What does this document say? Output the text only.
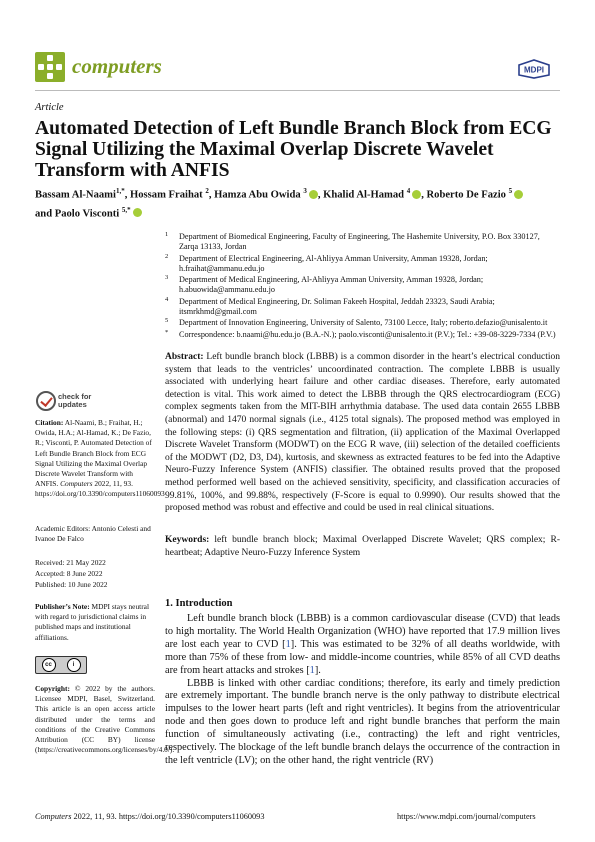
computers	MDPI
Article
Automated Detection of Left Bundle Branch Block from ECG Signal Utilizing the Maximal Overlap Discrete Wavelet Transform with ANFIS
Bassam Al-Naami$^{1,*}$, Hossam Fraihat $^2$, Hamza Abu Owida $^3$ , Khalid Al-Hamad $^4$ , Roberto De Fazio $^5$
and Paolo Visconti $^{5,*}$
1 Department of Biomedical Engineering, Faculty of Engineering, The Hashemite University, P.O. Box 330127, Zarqa 13133, Jordan
2 Department of Electrical Engineering, Al-Ahliyya Amman University, Amman 19328, Jordan; h.fraihat@ammanu.edu.jo
3 Department of Medical Engineering, Al-Ahliyya Amman University, Amman 19328, Jordan; h.abuowida@ammanu.edu.jo
4 Department of Medical Engineering, Dr. Soliman Fakeeh Hospital, Jeddah 23323, Saudi Arabia; itsmrkhmd@gmail.com
5 Department of Innovation Engineering, University of Salento, 73100 Lecce, Italy; roberto.defazio@unisalento.it
* Correspondence: b.naami@hu.edu.jo (B.A.-N.); paolo.visconti@unisalento.it (P.V.); Tel.: +39-08-3229-7334 (P.V.)
Abstract: Left bundle branch block (LBBB) is a common disorder in the heart’s electrical conduction system that leads to the ventricles’ uncoordinated contraction. The complete LBBB is usually associated with underlying heart failure and other cardiac diseases. Therefore, early automated detection is vital. This work aimed to detect the LBBB through the QRS electrocardiogram (ECG) complex segments taken from the MIT-BIH arrhythmia database. The used data contain 2655 LBBB (abnormal) and 1470 normal signals (i.e., 4125 total signals). The proposed method was employed in the following steps: (i) QRS segmentation and filtration, (ii) application of the Maximal Overlapped Discrete Wavelet Transform (MODWT) on the ECG R wave, (iii) selection of the detailed coefficients of the MODWT (D2, D3, D4), kurtosis, and skewness as extracted features to be fed into the Adaptive Neuro-Fuzzy Inference System (ANFIS) classifier. The obtained results proved that the proposed method performed well based on the achieved sensitivity, specificity, and classification accuracies of 99.81%, 100%, and 99.88%, respectively (F-Score is equal to 0.9990). Our results showed that the proposed method was robust and effective and could be used in real clinical situations.
Keywords: left bundle branch block; Maximal Overlapped Discrete Wavelet; QRS complex; R-heartbeat; Adaptive Neuro-Fuzzy Inference System
check for
updates
Citation: Al-Naami, B.; Fraihat, H.; Owida, H.A.; Al-Hamad, K.; De Fazio, R.; Visconti, P. Automated Detection of Left Bundle Branch Block from ECG Signal Utilizing the Maximal Overlap Discrete Wavelet Transform with ANFIS. Computers 2022, 11, 93. https://doi.org/10.3390/computers11060093
Academic Editors: Antonio Celesti and Ivanoe De Falco
Received: 21 May 2022
Accepted: 8 June 2022
Published: 10 June 2022
Publisher’s Note: MDPI stays neutral with regard to jurisdictional claims in published maps and institutional affiliations.
cc	i
Copyright: © 2022 by the authors. Licensee MDPI, Basel, Switzerland. This article is an open access article distributed under the terms and conditions of the Creative Commons Attribution (CC BY) license (https://creativecommons.org/licenses/by/4.0/).
1. Introduction

Left bundle branch block (LBBB) is a common cardiovascular disease (CVD) that leads to high mortality. The World Health Organization (WHO) have reported that 17.9 million lives are lost each year to CVD [1]. This was estimated to be 32% of all deaths worldwide, with more than 75% of these from low- and middle-income countries, while 85% of all CVD deaths are from heart attacks and strokes [1].

LBBB is linked with other cardiac conditions; therefore, its early and timely prediction are extremely important. The bundle branch nerve is the only pathway to distribute electrical impulses to the lower heart parts (left and right ventricles). It begins from the atrioventricular node and then goes down to produce left and right bundle branches that perform the main function of simultaneously activating (i.e., contracting) the left and right ventricles, respectively. The blockage of the left bundle branch delays the occurrence of the contraction in the left ventricle (LV); on the other hand, the right ventricle (RV)

Computers 2022, 11, 93. https://doi.org/10.3390/computers11060093	https://www.mdpi.com/journal/computers
